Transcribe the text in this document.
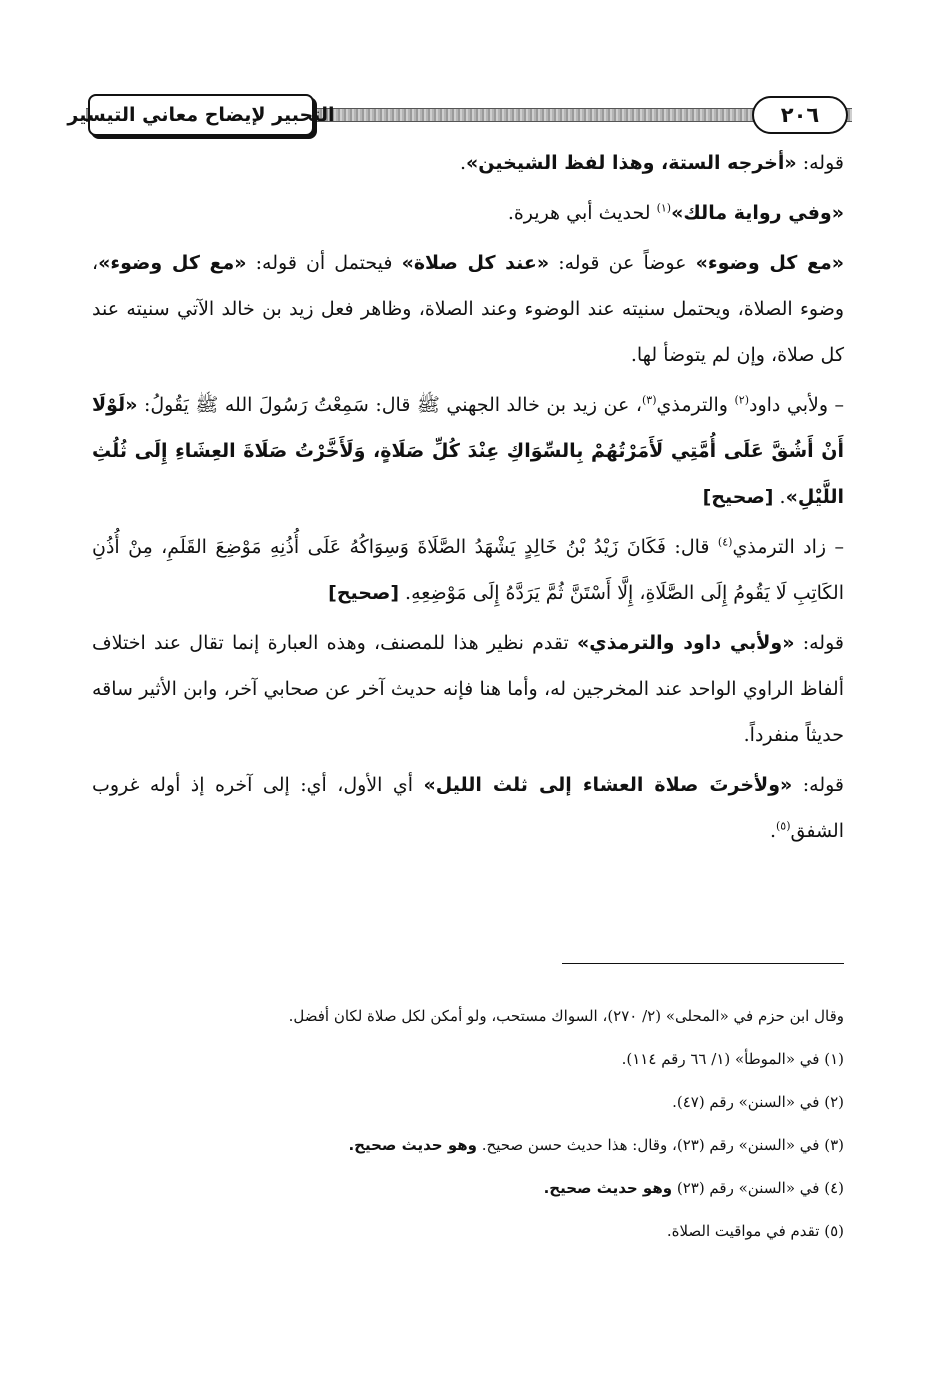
التحبير لإيضاح معاني التيسير	٢٠٦

قوله: «أخرجه الستة، وهذا لفظ الشيخين».

«وفي رواية مالك»$^{(١)}$ لحديث أبي هريرة.

«مع كل وضوء» عوضاً عن قوله: «عند كل صلاة» فيحتمل أن قوله: «مع كل وضوء»، وضوء الصلاة، ويحتمل سنيته عند الوضوء وعند الصلاة، وظاهر فعل زيد بن خالد الآتي سنيته عند كل صلاة، وإن لم يتوضأ لها.

– ولأبي داود$^{(٢)}$ والترمذي$^{(٣)}$، عن زيد بن خالد الجهني ﷺ قال: سَمِعْتُ رَسُولَ الله ﷺ يَقُولُ: «لَوْلَا أَنْ أَشُقَّ عَلَى أُمَّتِي لَأَمَرْتُهُمْ بِالسِّوَاكِ عِنْدَ كُلِّ صَلَاةٍ، وَلَأَخَّرْتُ صَلَاةَ العِشَاءِ إِلَى ثُلُثِ اللَّيْلِ». [صحيح]

– زاد الترمذي$^{(٤)}$ قال: فَكَانَ زَيْدُ بْنُ خَالِدٍ يَشْهَدُ الصَّلَاةَ وَسِوَاكُهُ عَلَى أُذُنِهِ مَوْضِعَ القَلَمِ، مِنْ أُذُنِ الكَاتِبِ لَا يَقُومُ إِلَى الصَّلَاةِ، إِلَّا أَسْتَنَّ ثُمَّ يَرَدَّهُ إِلَى مَوْضِعِهِ. [صحيح]

قوله: «ولأبي داود والترمذي» تقدم نظير هذا للمصنف، وهذه العبارة إنما تقال عند اختلاف ألفاظ الراوي الواحد عند المخرجين له، وأما هنا فإنه حديث آخر عن صحابي آخر، وابن الأثير ساقه حديثاً منفرداً.

قوله: «ولأخرتَ صلاة العشاء إلى ثلث الليل» أي الأول، أي: إلى آخره إذ أوله غروب الشفق$^{(٥)}$.

وقال ابن حزم في «المحلى» (٢/ ٢٧٠)، السواك مستحب، ولو أمكن لكل صلاة لكان أفضل.

(١) في «الموطأ» (١/ ٦٦ رقم ١١٤).

(٢) في «السنن» رقم (٤٧).

(٣) في «السنن» رقم (٢٣)، وقال: هذا حديث حسن صحيح. وهو حديث صحيح.

(٤) في «السنن» رقم (٢٣) وهو حديث صحيح.

(٥) تقدم في مواقيت الصلاة.
